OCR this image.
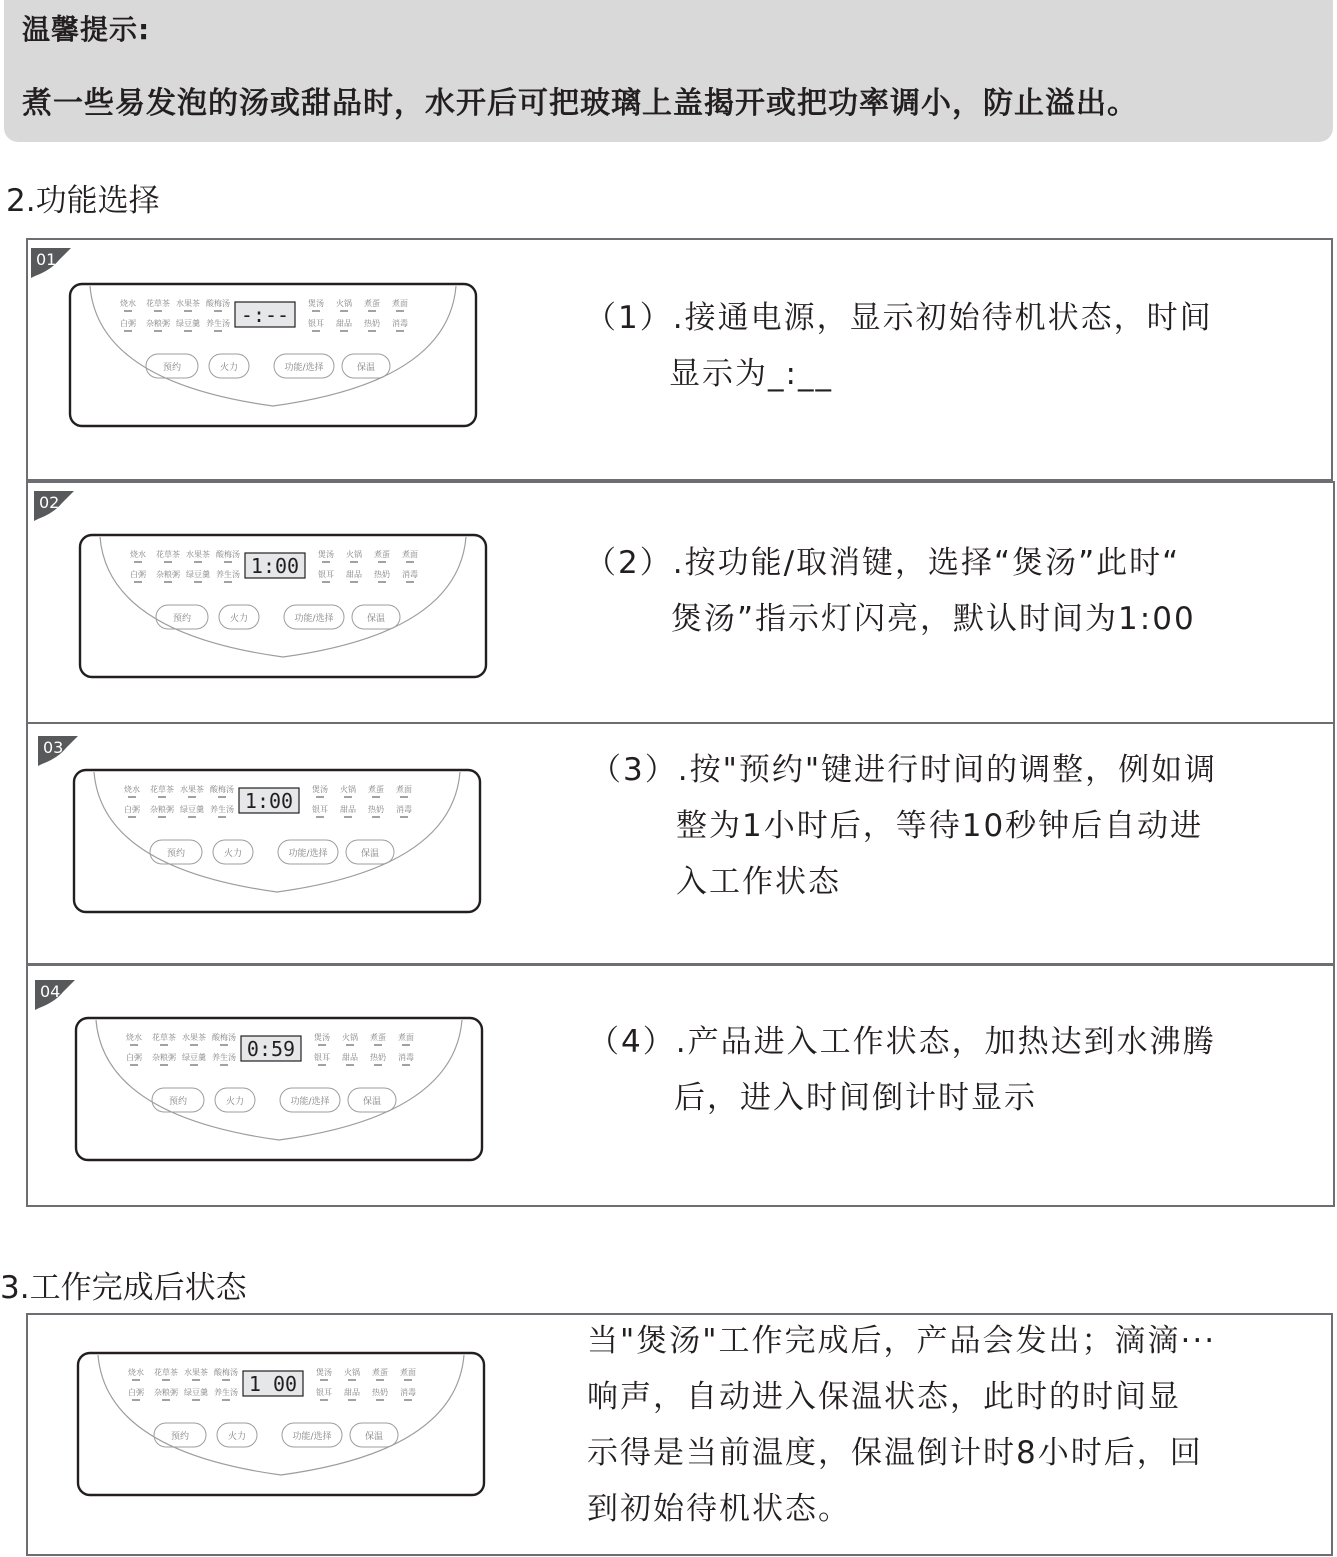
温馨提示:
煮一些易发泡的汤或甜品时，水开后可把玻璃上盖揭开或把功率调小，防止溢出。
2.功能选择
01
烧水
白粥
花草茶
杂粮粥
水果茶
绿豆羹
酸梅汤
养生汤
煲汤
银耳
火锅
甜品
煮蛋
热奶
煮面
消毒
-:--
预约	火力	功能/选择	保温
（1）.接通电源，显示初始待机状态，时间
显示为_:__
02
烧水
白粥
花草茶
杂粮粥
水果茶
绿豆羹
酸梅汤
养生汤
煲汤
银耳
火锅
甜品
煮蛋
热奶
煮面
消毒
1:00
预约	火力	功能/选择	保温
（2）.按功能/取消键，选择“煲汤”此时“
煲汤”指示灯闪亮，默认时间为1:00
03
烧水
白粥
花草茶
杂粮粥
水果茶
绿豆羹
酸梅汤
养生汤
煲汤
银耳
火锅
甜品
煮蛋
热奶
煮面
消毒
1:00
预约	火力	功能/选择	保温
（3）.按"预约"键进行时间的调整，例如调
整为1小时后，等待10秒钟后自动进
入工作状态
04
烧水
白粥
花草茶
杂粮粥
水果茶
绿豆羹
酸梅汤
养生汤
煲汤
银耳
火锅
甜品
煮蛋
热奶
煮面
消毒
0:59
预约	火力	功能/选择	保温
（4）.产品进入工作状态，加热达到水沸腾
后，进入时间倒计时显示
3.工作完成后状态
烧水
白粥
花草茶
杂粮粥
水果茶
绿豆羹
酸梅汤
养生汤
煲汤
银耳
火锅
甜品
煮蛋
热奶
煮面
消毒
1 00
预约	火力	功能/选择	保温
当"煲汤"工作完成后，产品会发出；滴滴···
响声，自动进入保温状态，此时的时间显
示得是当前温度，保温倒计时8小时后，回
到初始待机状态。
